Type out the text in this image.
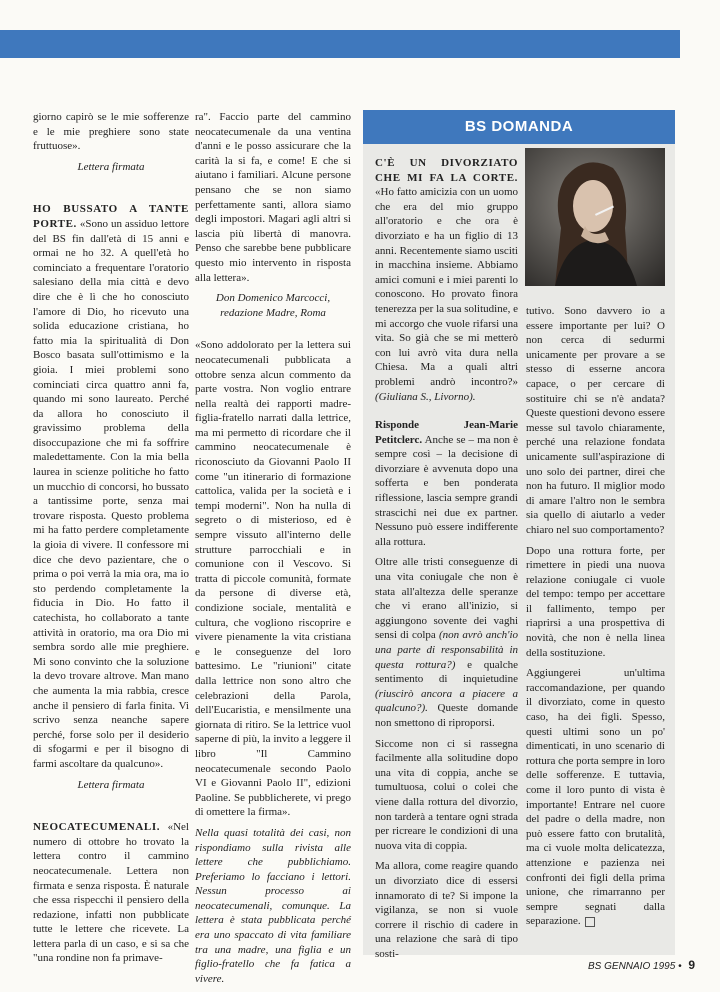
giorno capirò se le mie sofferenze e le mie preghiere sono state fruttuose».

Lettera firmata

HO BUSSATO A TANTE PORTE. «Sono un assiduo lettore del BS fin dall'età di 15 anni e ormai ne ho 32. A quell'età ho cominciato a frequentare l'oratorio salesiano della mia città e devo dire che è lì che ho conosciuto l'amore di Dio, ho ricevuto una solida educazione cristiana, ho fatto mia la spiritualità di Don Bosco basata sull'ottimismo e la gioia. I miei problemi sono cominciati circa quattro anni fa, quando mi sono laureato. Perché da allora ho conosciuto il gravissimo problema della disoccupazione che mi fa soffrire maledettamente. Con la mia bella laurea in scienze politiche ho fatto un mucchio di concorsi, ho bussato a tantissime porte, senza mai trovare risposta. Questo problema mi ha fatto perdere completamente la gioia di vivere. Il confessore mi dice che devo pazientare, che o prima o poi verrà la mia ora, ma io sto perdendo completamente la fiducia in Dio. Ho fatto il catechista, ho collaborato a tante attività in oratorio, ma ora Dio mi sembra sordo alle mie preghiere. Mi sono convinto che la soluzione la devo trovare altrove. Man mano che aumenta la mia rabbia, cresce anche il pensiero di farla finita. Vi scrivo senza neanche sapere perché, forse solo per il desiderio di sfogarmi e per il bisogno di farmi ascoltare da qualcuno».

Lettera firmata

NEOCATECUMENALI. «Nel numero di ottobre ho trovato la lettera contro il cammino neocatecumenale. Lettera non firmata e senza risposta. È naturale che essa rispecchi il pensiero della redazione, infatti non pubblicate tutte le lettere che ricevete. La lettera parla di un caso, e si sa che "una rondine non fa primave-

ra". Faccio parte del cammino neocatecumenale da una ventina d'anni e le posso assicurare che la carità la si fa, e come! E che si aiutano i familiari. Alcune persone pensano che se non siamo perfettamente santi, allora siamo degli impostori. Magari agli altri si lascia più libertà di manovra. Penso che sarebbe bene pubblicare questo mio intervento in risposta alla lettera».

Don Domenico Marcocci, redazione Madre, Roma

«Sono addolorato per la lettera sui neocatecumenali pubblicata a ottobre senza alcun commento da parte vostra. Non voglio entrare nella realtà dei rapporti madre-figlia-fratello narrati dalla lettrice, ma mi permetto di ricordare che il cammino neocatecumenale è riconosciuto da Giovanni Paolo II come "un itinerario di formazione cattolica, valida per la società e i tempi moderni". Non ha nulla di segreto o di misterioso, ed è sempre vissuto all'interno delle strutture parrocchiali e in comunione con il Vescovo. Si tratta di piccole comunità, formate da persone di diverse età, condizione sociale, mentalità e cultura, che vogliono riscoprire e vivere pienamente la vita cristiana e le conseguenze del loro battesimo. Le "riunioni" citate dalla lettrice non sono altro che celebrazioni della Parola, dell'Eucaristia, e mensilmente una giornata di ritiro. Se la lettrice vuol saperne di più, la invito a leggere il libro "Il Cammino neocatecumenale secondo Paolo VI e Giovanni Paolo II", edizioni Paoline. Se pubblicherete, vi prego di omettere la firma».

Nella quasi totalità dei casi, non rispondiamo sulla rivista alle lettere che pubblichiamo. Preferiamo lo facciano i lettori. Nessun processo ai neocatecumenali, comunque. La lettera è stata pubblicata perché era uno spaccato di vita familiare tra una madre, una figlia e un figlio-fratello che fa fatica a vivere.

BS DOMANDA

C'È UN DIVORZIATO CHE MI FA LA CORTE. «Ho fatto amicizia con un uomo che era del mio gruppo all'oratorio e che ora è divorziato e ha un figlio di 13 anni. Recentemente siamo usciti in macchina insieme. Abbiamo amici comuni e i miei parenti lo conoscono. Ho provato finora tenerezza per la sua solitudine, e mi accorgo che vuole rifarsi una vita. So già che se mi metterò con lui avrò vita dura nella Chiesa. Ma a quali altri problemi andrò incontro?» (Giuliana S., Livorno).

Risponde Jean-Marie Petitclerc. Anche se – ma non è sempre così – la decisione di divorziare è avvenuta dopo una sofferta e ben ponderata riflessione, lascia sempre grandi strascichi nei due ex partner. Nessuno può essere indifferente alla rottura.

Oltre alle tristi conseguenze di una vita coniugale che non è stata all'altezza delle speranze che vi erano all'inizio, si aggiungono sovente dei vaghi sensi di colpa (non avrò anch'io una parte di responsabilità in questa rottura?) e qualche sentimento di inquietudine (riuscirò ancora a piacere a qualcuno?). Queste domande non smettono di riproporsi.

Siccome non ci si rassegna facilmente alla solitudine dopo una vita di coppia, anche se tumultuosa, colui o colei che viene dalla rottura del divorzio, non tarderà a tentare ogni strada per ricreare le condizioni di una nuova vita di coppia.

Ma allora, come reagire quando un divorziato dice di essersi innamorato di te? Si impone la vigilanza, se non si vuole correre il rischio di cadere in una relazione che sarà di tipo sosti-

tutivo. Sono davvero io a essere importante per lui? O non cerca di sedurmi unicamente per provare a se stesso di esserne ancora capace, o per cercare di sostituire chi se n'è andata? Queste questioni devono essere messe sul tavolo chiaramente, perché una relazione fondata unicamente sull'aspirazione di uno solo dei partner, direi che non ha futuro. Il miglior modo di amare l'altro non le sembra sia quello di aiutarlo a veder chiaro nel suo comportamento?

Dopo una rottura forte, per rimettere in piedi una nuova relazione coniugale ci vuole del tempo: tempo per accettare il fallimento, tempo per riaprirsi a una prospettiva di novità, che non è nella linea della sostituzione.

Aggiungerei un'ultima raccomandazione, per quando il divorziato, come in questo caso, ha dei figli. Spesso, questi ultimi sono un po' dimenticati, in uno scenario di rottura che porta sempre in loro delle sofferenze. E tuttavia, come il loro punto di vista è importante! Entrare nel cuore del padre o della madre, non può essere fatto con brutalità, ma ci vuole molta delicatezza, attenzione e pazienza nei confronti dei figli della prima unione, che rimarranno per sempre segnati dalla separazione.

BS GENNAIO 1995 • 9
